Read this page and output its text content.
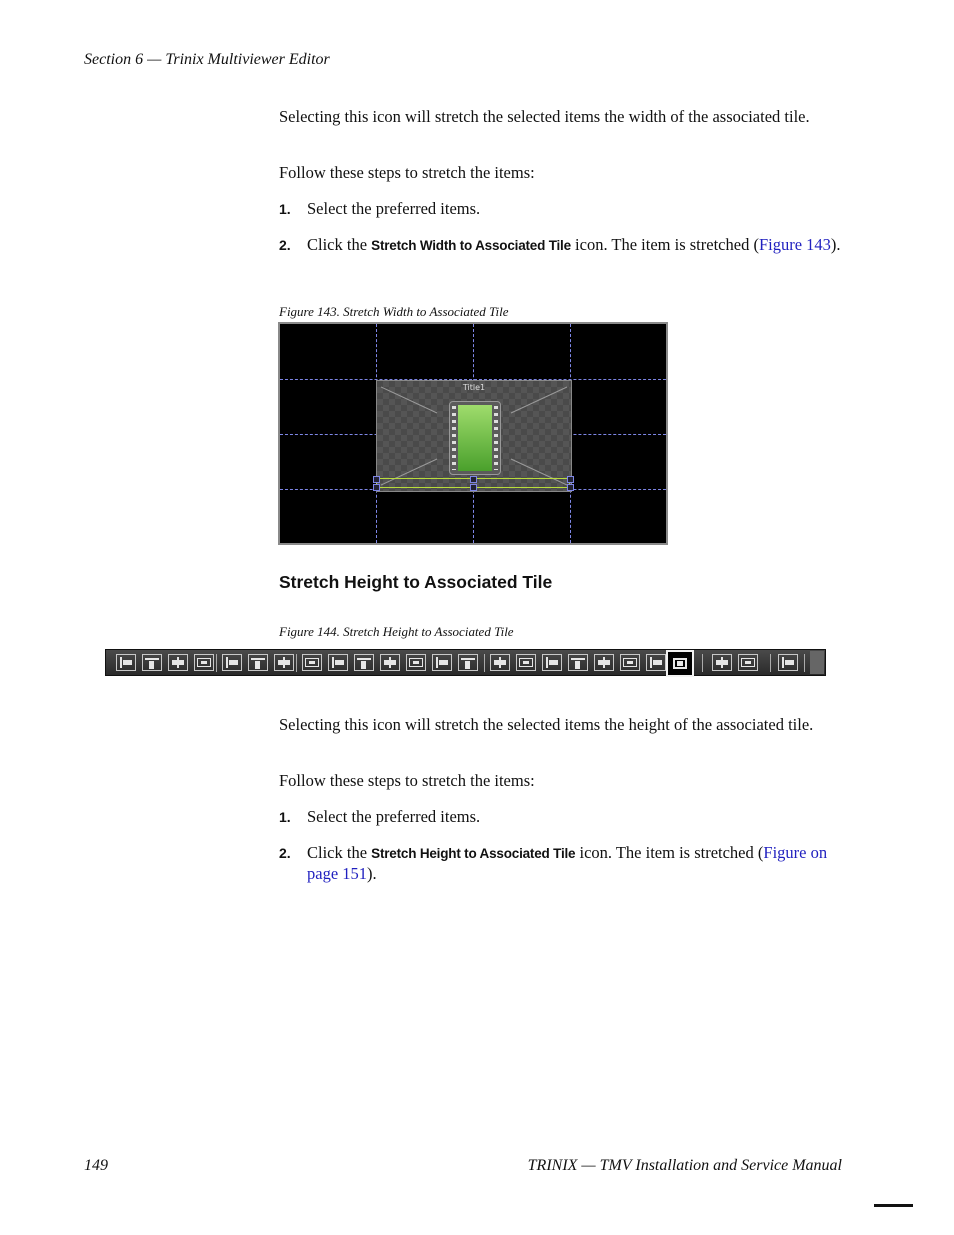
Section 6 — Trinix Multiviewer Editor
Selecting this icon will stretch the selected items the width of the associated tile.
Follow these steps to stretch the items:
1. Select the preferred items.
2. Click the Stretch Width to Associated Tile icon. The item is stretched (Figure 143).
Figure 143. Stretch Width to Associated Tile
Title1
Stretch Height to Associated Tile
Figure 144. Stretch Height to Associated Tile
Selecting this icon will stretch the selected items the height of the associated tile.
Follow these steps to stretch the items:
1. Select the preferred items.
2. Click the Stretch Height to Associated Tile icon. The item is stretched (Figure on page 151).
149	TRINIX — TMV Installation and Service Manual
